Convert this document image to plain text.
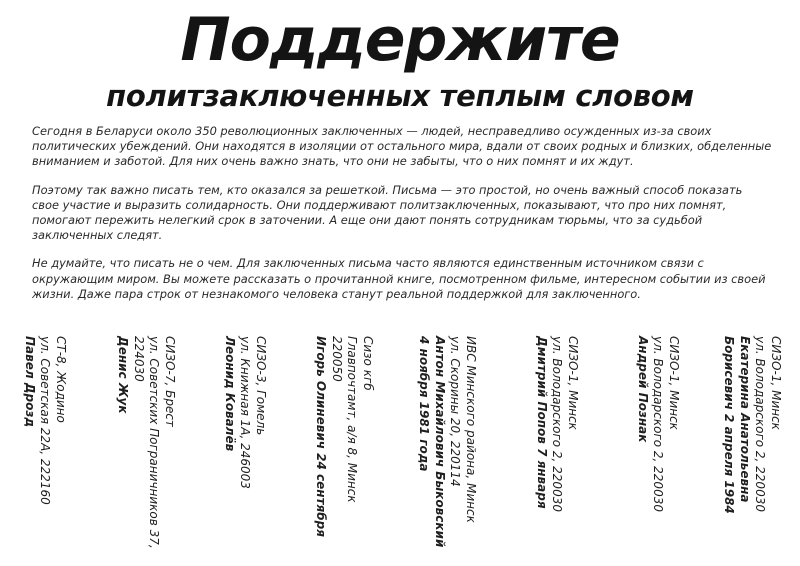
Поддержите
политзаключенных теплым словом

Сегодня в Беларуси около 350 революционных заключенных — людей, несправедливо осужденных из-за своих политических убеждений. Они находятся в изоляции от остального мира, вдали от своих родных и близких, обделенные вниманием и заботой. Для них очень важно знать, что они не забыты, что о них помнят и их ждут.

Поэтому так важно писать тем, кто оказался за решеткой. Письма — это простой, но очень важный способ показать свое участие и выразить солидарность. Они поддерживают политзаключенных, показывают, что про них помнят, помогают пережить нелегкий срок в заточении. А еще они дают понять сотрудникам тюрьмы, что за судьбой заключенных следят.

Не думайте, что писать не о чем. Для заключенных письма часто являются единственным источником связи с окружающим миром. Вы можете рассказать о прочитанной книге, посмотренном фильме, интересном событии из своей жизни. Даже пара строк от незнакомого человека станут реальной поддержкой для заключенного.

СИЗО-1, Минск
ул. Володарского 2, 220030
Екатерина Анатольевна Борисевич 2 апреля 1984
СИЗО-1, Минск
ул. Володарского 2, 220030
Андрей Познак
СИЗО-1, Минск
ул. Володарского 2, 220030
Дмитрий Попов 7 января
ИВС Минского района, Минск
ул. Скорины 20, 220114
Антон Михайлович Быковский 4 ноября 1981 года
Сизо кгб
Главпочтамт, а/я 8, Минск
220050
Игорь Олиневич 24 сентября
СИЗО-3, Гомель
ул. Книжная 1А, 246003
Леонид Ковалёв
СИЗО-7, Брест
ул. Советских Пограничников 37,
224030
Денис Жук
СТ-8, Жодино
ул. Советская 22А, 222160
Павел Дрозд
